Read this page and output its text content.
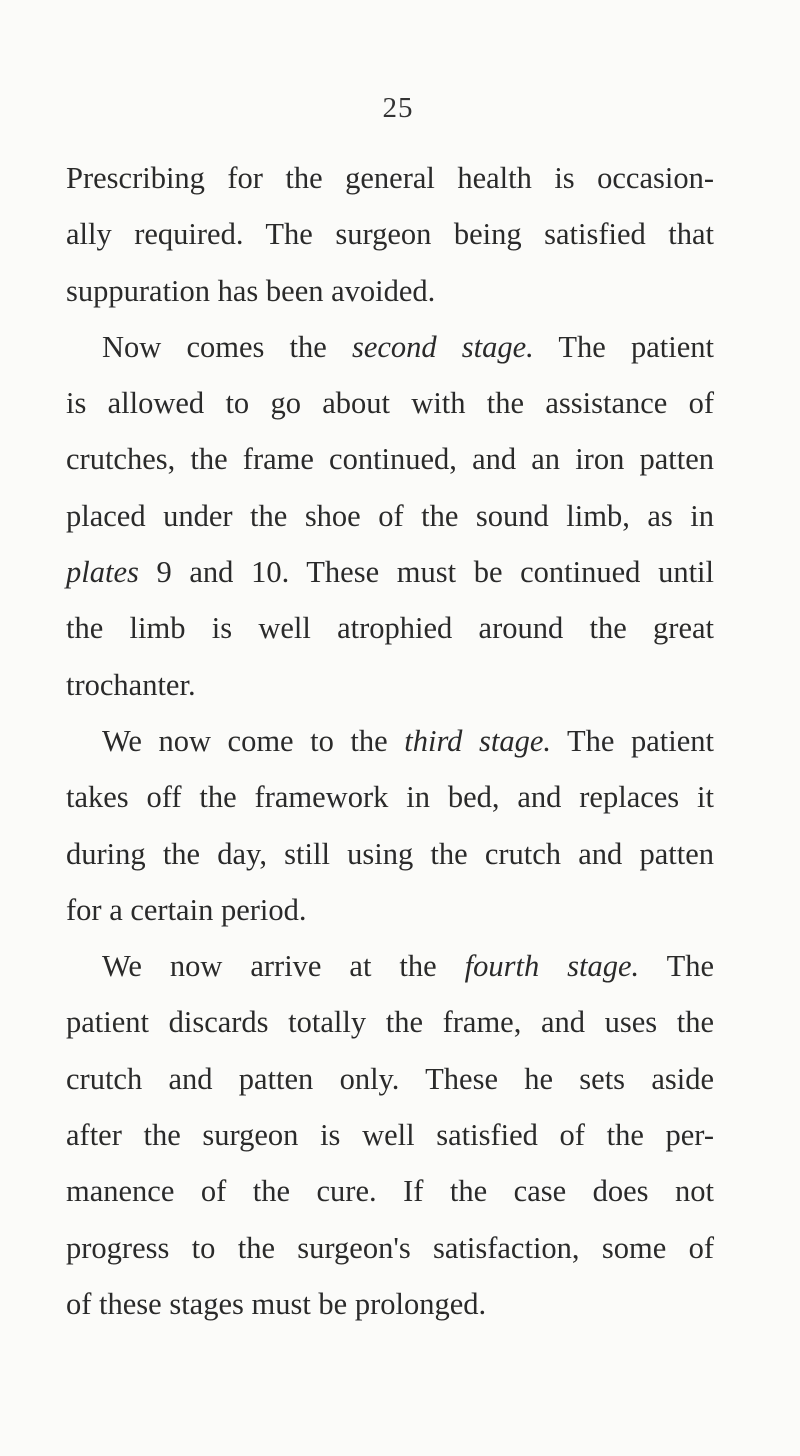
25
Prescribing for the general health is occasion-
ally required. The surgeon being satisfied that
suppuration has been avoided.
Now comes the second stage. The patient
is allowed to go about with the assistance of
crutches, the frame continued, and an iron patten
placed under the shoe of the sound limb, as in
plates 9 and 10. These must be continued until
the limb is well atrophied around the great
trochanter.
We now come to the third stage. The patient
takes off the framework in bed, and replaces it
during the day, still using the crutch and patten
for a certain period.
We now arrive at the fourth stage. The
patient discards totally the frame, and uses the
crutch and patten only. These he sets aside
after the surgeon is well satisfied of the per-
manence of the cure. If the case does not
progress to the surgeon's satisfaction, some of
of these stages must be prolonged.
